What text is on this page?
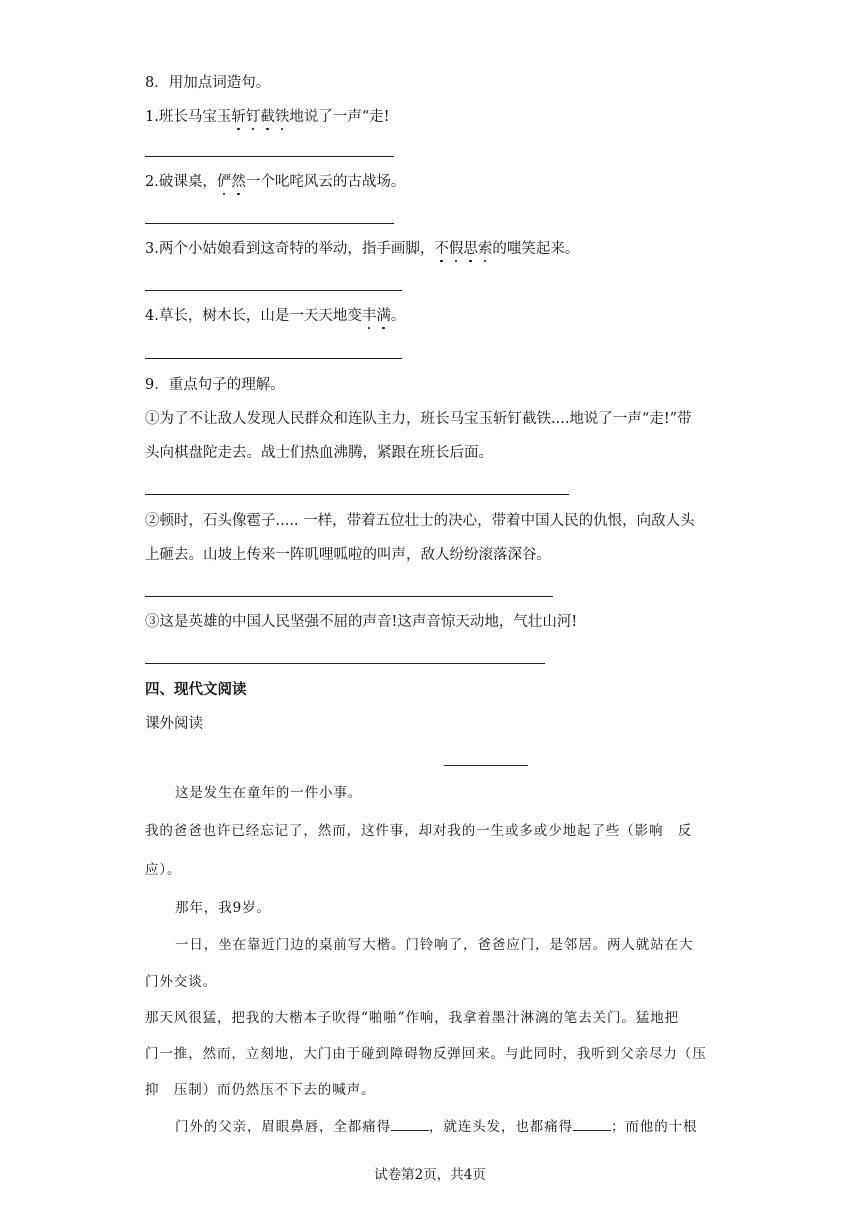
8．用加点词造句。
1.班长马宝玉斩钉截铁地说了一声“走!
2.破课桌，俨然一个叱咤风云的古战场。
3.两个小姑娘看到这奇特的举动，指手画脚，不假思索的嗤笑起来。
4.草长，树木长，山是一天天地变丰满。
9．重点句子的理解。
①为了不让敌人发现人民群众和连队主力，班长马宝玉斩钉截铁....地说了一声“走!”带
头向棋盘陀走去。战士们热血沸腾，紧跟在班长后面。
②顿时，石头像雹子..... 一样，带着五位壮士的决心，带着中国人民的仇恨，向敌人头
上砸去。山坡上传来一阵叽哩呱啦的叫声，敌人纷纷滚落深谷。
③这是英雄的中国人民坚强不屈的声音!这声音惊天动地，气壮山河!
四、现代文阅读
课外阅读
这是发生在童年的一件小事。
我的爸爸也许已经忘记了，然而，这件事，却对我的一生或多或少地起了些（影响　反
应）。
那年，我9岁。
一日，坐在靠近门边的桌前写大楷。门铃响了，爸爸应门，是邻居。两人就站在大
门外交谈。
那天风很猛，把我的大楷本子吹得“啪啪”作响，我拿着墨汁淋漓的笔去关门。猛地把
门一推，然而，立刻地，大门由于碰到障碍物反弹回来。与此同时，我听到父亲尽力（压
抑　压制）而仍然压不下去的喊声。
门外的父亲，眉眼鼻唇，全都痛得	，就连头发，也都痛得	；而他的十根
试卷第2页，共4页
